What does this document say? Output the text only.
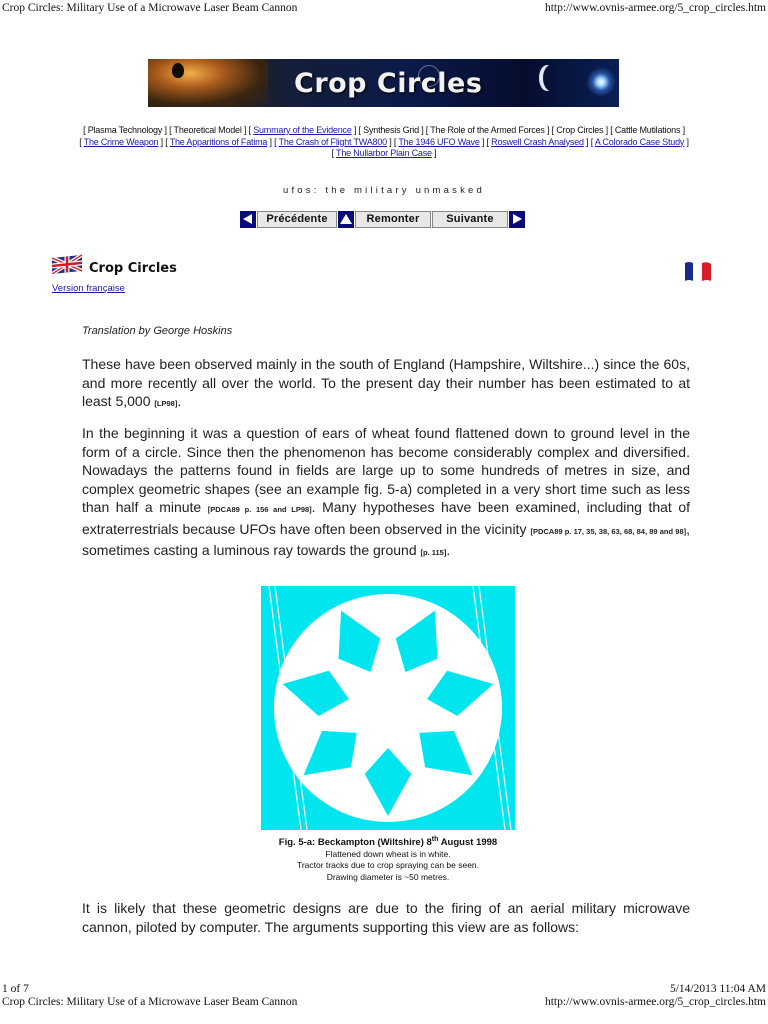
Crop Circles: Military Use of a Microwave Laser Beam Cannon	http://www.ovnis-armee.org/5_crop_circles.htm
Crop Circles
[ Plasma Technology ] [ Theoretical Model ] [ Summary of the Evidence ] [ Synthesis Grid ] [ The Role of the Armed Forces ] [ Crop Circles ] [ Cattle Mutilations ]
[ The Crime Weapon ] [ The Apparitions of Fatima ] [ The Crash of Flight TWA800 ] [ The 1946 UFO Wave ] [ Roswell Crash Analysed ] [ A Colorado Case Study ]
[ The Nullarbor Plain Case ]
ufos: the military unmasked
Précédente	Remonter	Suivante
Crop Circles
Version française
Translation by George Hoskins
These have been observed mainly in the south of England (Hampshire, Wiltshire...) since the 60s, and more recently all over the world. To the present day their number has been estimated to at least 5,000 [LP98].
In the beginning it was a question of ears of wheat found flattened down to ground level in the form of a circle. Since then the phenomenon has become considerably complex and diversified. Nowadays the patterns found in fields are large up to some hundreds of metres in size, and complex geometric shapes (see an example fig. 5-a) completed in a very short time such as less than half a minute [PDCA89 p. 156 and LP98]. Many hypotheses have been examined, including that of extraterrestrials because UFOs have often been observed in the vicinity [PDCA89 p. 17, 35, 38, 63, 68, 84, 89 and 98], sometimes casting a luminous ray towards the ground [p. 115].
Fig. 5-a: Beckampton (Wiltshire) 8th August 1998
Flattened down wheat is in white.
Tractor tracks due to crop spraying can be seen.
Drawing diameter is ~50 metres.
It is likely that these geometric designs are due to the firing of an aerial military microwave cannon, piloted by computer. The arguments supporting this view are as follows:
1 of 7	5/14/2013 11:04 AM
Crop Circles: Military Use of a Microwave Laser Beam Cannon	http://www.ovnis-armee.org/5_crop_circles.htm
